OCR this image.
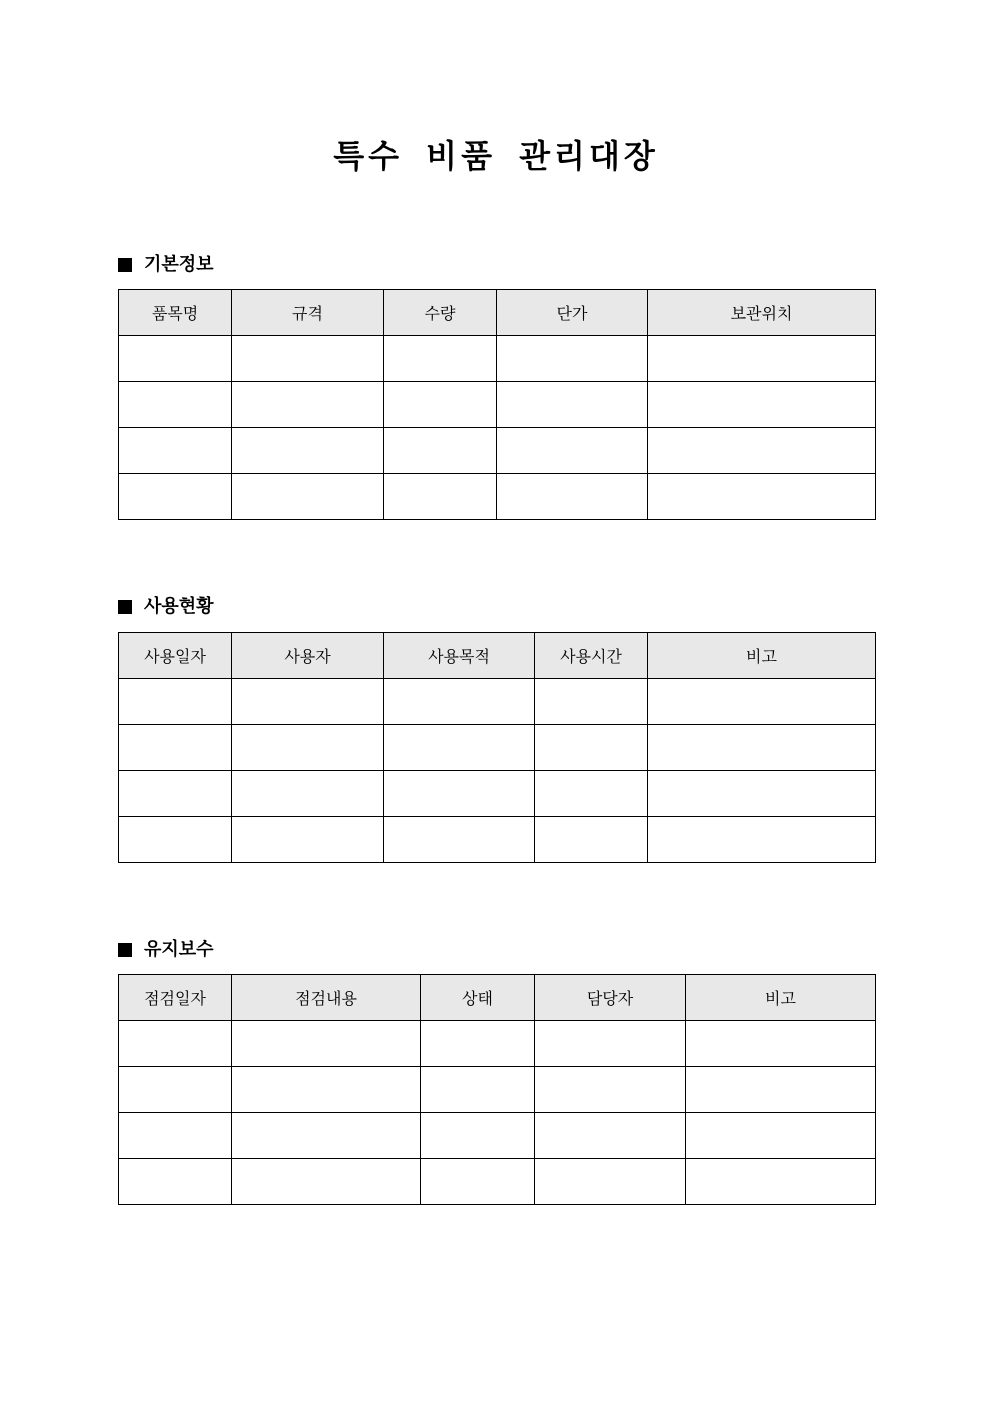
특수 비품 관리대장
기본정보
품목명	규격	수량	단가	보관위치

사용현황
사용일자	사용자	사용목적	사용시간	비고

유지보수
점검일자	점검내용	상태	담당자	비고
